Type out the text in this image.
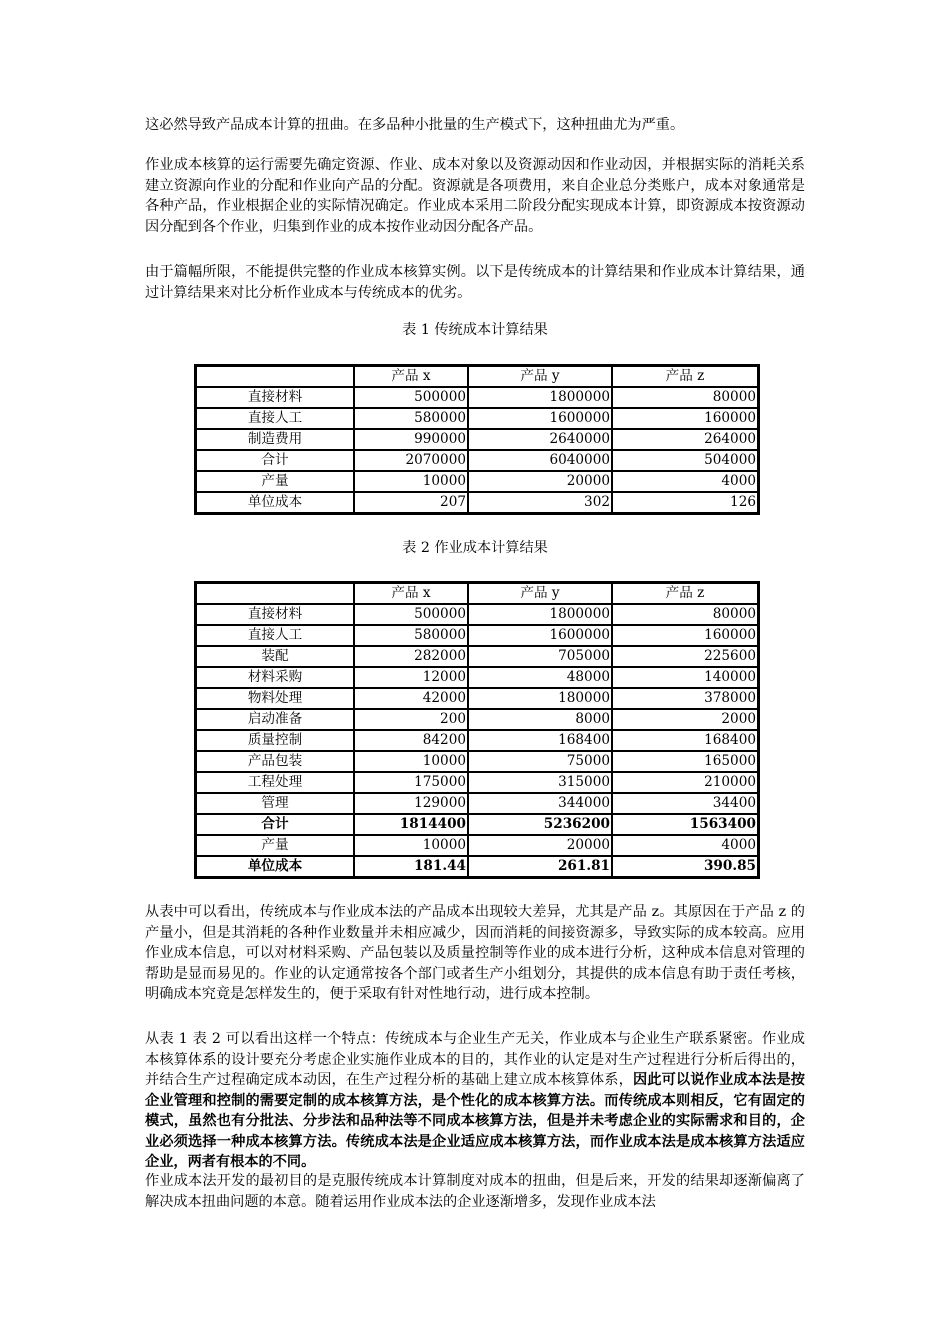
这必然导致产品成本计算的扭曲。在多品种小批量的生产模式下，这种扭曲尤为严重。

作业成本核算的运行需要先确定资源、作业、成本对象以及资源动因和作业动因，并根据实际的消耗关系建立资源向作业的分配和作业向产品的分配。资源就是各项费用，来自企业总分类账户，成本对象通常是各种产品，作业根据企业的实际情况确定。作业成本采用二阶段分配实现成本计算，即资源成本按资源动因分配到各个作业，归集到作业的成本按作业动因分配各产品。

由于篇幅所限，不能提供完整的作业成本核算实例。以下是传统成本的计算结果和作业成本计算结果，通过计算结果来对比分析作业成本与传统成本的优劣。

表 1 传统成本计算结果

	产品 x	产品 y	产品 z
直接材料	500000	1800000	80000
直接人工	580000	1600000	160000
制造费用	990000	2640000	264000
合计	2070000	6040000	504000
产量	10000	20000	4000
单位成本	207	302	126

表 2 作业成本计算结果

	产品 x	产品 y	产品 z
直接材料	500000	1800000	80000
直接人工	580000	1600000	160000
装配	282000	705000	225600
材料采购	12000	48000	140000
物料处理	42000	180000	378000
启动准备	200	8000	2000
质量控制	84200	168400	168400
产品包装	10000	75000	165000
工程处理	175000	315000	210000
管理	129000	344000	34400
合计	1814400	5236200	1563400
产量	10000	20000	4000
单位成本	181.44	261.81	390.85

从表中可以看出，传统成本与作业成本法的产品成本出现较大差异，尤其是产品 z。其原因在于产品 z 的产量小，但是其消耗的各种作业数量并未相应减少，因而消耗的间接资源多，导致实际的成本较高。应用作业成本信息，可以对材料采购、产品包装以及质量控制等作业的成本进行分析，这种成本信息对管理的帮助是显而易见的。作业的认定通常按各个部门或者生产小组划分，其提供的成本信息有助于责任考核，明确成本究竟是怎样发生的，便于采取有针对性地行动，进行成本控制。

从表 1 表 2 可以看出这样一个特点：传统成本与企业生产无关，作业成本与企业生产联系紧密。作业成本核算体系的设计要充分考虑企业实施作业成本的目的，其作业的认定是对生产过程进行分析后得出的，并结合生产过程确定成本动因，在生产过程分析的基础上建立成本核算体系，因此可以说作业成本法是按企业管理和控制的需要定制的成本核算方法，是个性化的成本核算方法。而传统成本则相反，它有固定的模式，虽然也有分批法、分步法和品种法等不同成本核算方法，但是并未考虑企业的实际需求和目的，企业必须选择一种成本核算方法。传统成本法是企业适应成本核算方法，而作业成本法是成本核算方法适应企业，两者有根本的不同。

作业成本法开发的最初目的是克服传统成本计算制度对成本的扭曲，但是后来，开发的结果却逐渐偏离了解决成本扭曲问题的本意。随着运用作业成本法的企业逐渐增多，发现作业成本法
